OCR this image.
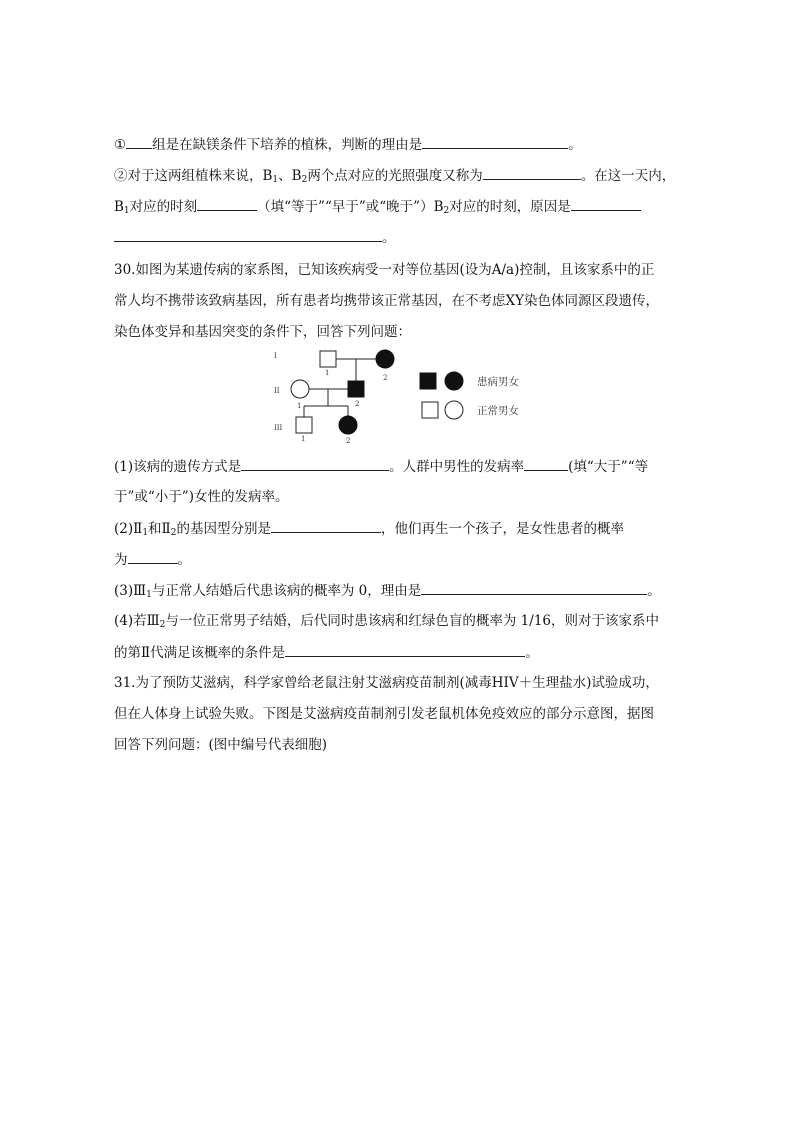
① 组是在缺镁条件下培养的植株，判断的理由是	。
②对于这两组植株来说，$B_1$、$B_2$两个点对应的光照强度又称为	。在这一天内，
$B_1$对应的时刻	（填“等于”“早于”或“晚于$”)B_2$对应的时刻，原因是
。
30.如图为某遗传病的家系图，已知该疾病受一对等位基因(设为A/a)控制，且该家系中的正
常人均不携带该致病基因，所有患者均携带该正常基因，在不考虑XY染色体同源区段遗传，
染色体变异和基因突变的条件下，回答下列问题：
I
1
2
II
1	2
III
1	2
患病男女
正常男女
(1)该病的遗传方式是	。人群中男性的发病率	(填“大于”“等
于”或“小于”)女性的发病率。
$(2)Ⅱ_1$和$Ⅱ_2$的基因型分别是	，他们再生一个孩子，是女性患者的概率
为	。
$(3)Ⅲ_1$与正常人结婚后代患该病的概率为 0，理由是	。
(4)若$Ⅲ_2$与一位正常男子结婚，后代同时患该病和红绿色盲的概率为 1/16，则对于该家系中
的第Ⅱ代满足该概率的条件是	。
31.为了预防艾滋病，科学家曾给老鼠注射艾滋病疫苗制剂(减毒HIV＋生理盐水)试验成功，
但在人体身上试验失败。下图是艾滋病疫苗制剂引发老鼠机体免疫效应的部分示意图，据图
回答下列问题：(图中编号代表细胞)
